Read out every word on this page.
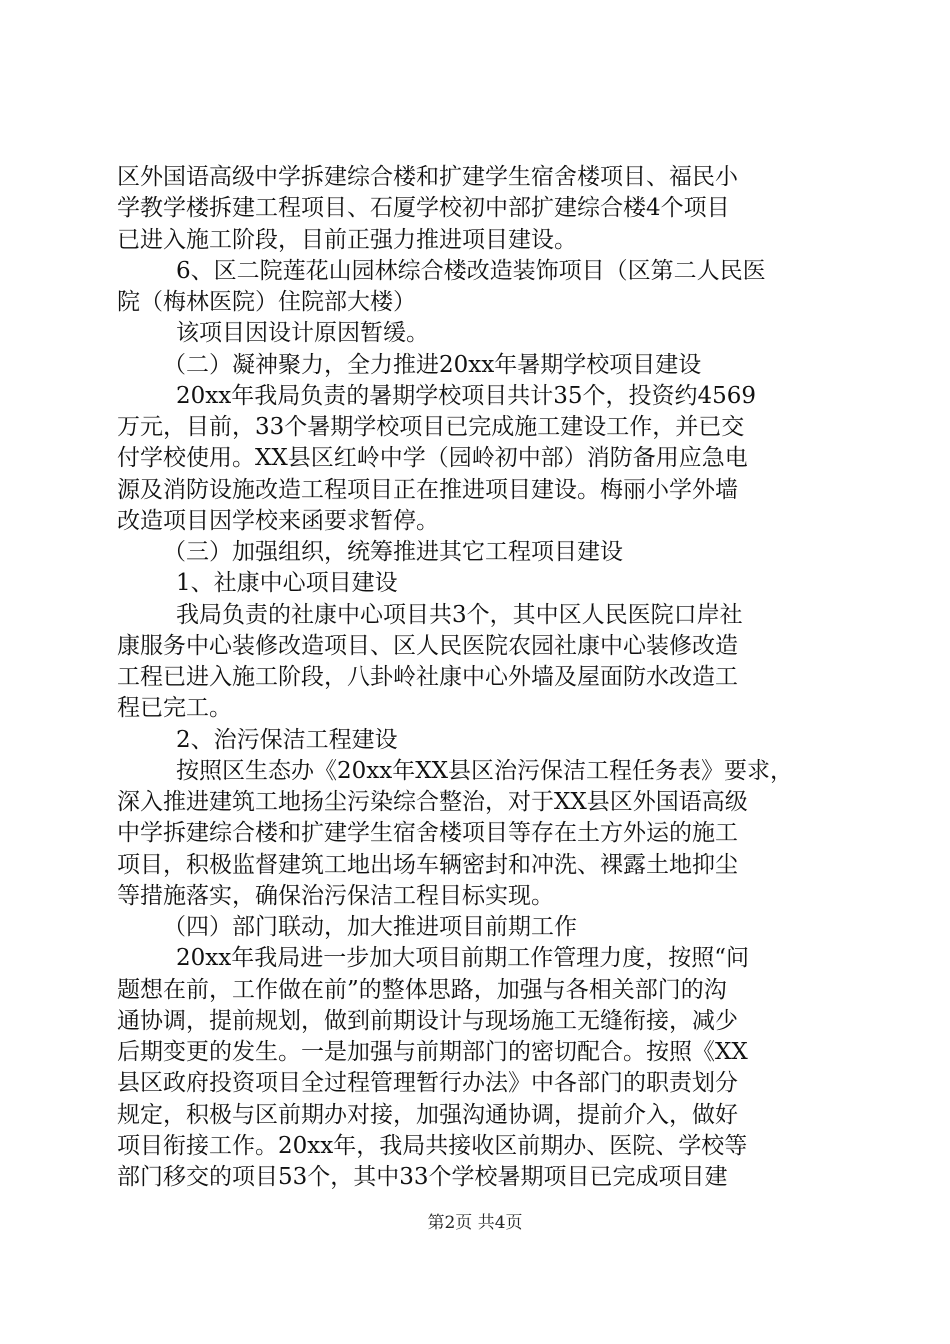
区外国语高级中学拆建综合楼和扩建学生宿舍楼项目、福民小
学教学楼拆建工程项目、石厦学校初中部扩建综合楼4个项目
已进入施工阶段，目前正强力推进项目建设。
6、区二院莲花山园林综合楼改造装饰项目（区第二人民医
院（梅林医院）住院部大楼）
该项目因设计原因暂缓。
（二）凝神聚力，全力推进20xx年暑期学校项目建设
20xx年我局负责的暑期学校项目共计35个，投资约4569
万元，目前，33个暑期学校项目已完成施工建设工作，并已交
付学校使用。XX县区红岭中学（园岭初中部）消防备用应急电
源及消防设施改造工程项目正在推进项目建设。梅丽小学外墙
改造项目因学校来函要求暂停。
（三）加强组织，统筹推进其它工程项目建设
1、社康中心项目建设
我局负责的社康中心项目共3个，其中区人民医院口岸社
康服务中心装修改造项目、区人民医院农园社康中心装修改造
工程已进入施工阶段，八卦岭社康中心外墙及屋面防水改造工
程已完工。
2、治污保洁工程建设
按照区生态办《20xx年XX县区治污保洁工程任务表》要求，
深入推进建筑工地扬尘污染综合整治，对于XX县区外国语高级
中学拆建综合楼和扩建学生宿舍楼项目等存在土方外运的施工
项目，积极监督建筑工地出场车辆密封和冲洗、裸露土地抑尘
等措施落实，确保治污保洁工程目标实现。
（四）部门联动，加大推进项目前期工作
20xx年我局进一步加大项目前期工作管理力度，按照“问
题想在前，工作做在前”的整体思路，加强与各相关部门的沟
通协调，提前规划，做到前期设计与现场施工无缝衔接，减少
后期变更的发生。一是加强与前期部门的密切配合。按照《XX
县区政府投资项目全过程管理暂行办法》中各部门的职责划分
规定，积极与区前期办对接，加强沟通协调，提前介入，做好
项目衔接工作。20xx年，我局共接收区前期办、医院、学校等
部门移交的项目53个，其中33个学校暑期项目已完成项目建
第2页 共4页
